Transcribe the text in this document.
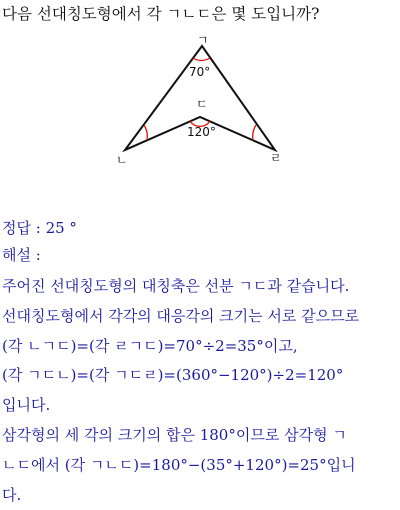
다음 선대칭도형에서 각 ㄱㄴㄷ은 몇 도입니까?
ㄱ
ㄷ
ㄴ	ㄹ
70°
120°
정답 : 25 °
해설 :
주어진 선대칭도형의 대칭축은 선분 ㄱㄷ과 같습니다.
선대칭도형에서 각각의 대응각의 크기는 서로 같으므로
(각 ㄴㄱㄷ)=(각 ㄹㄱㄷ)=70°÷2=35°이고,
(각 ㄱㄷㄴ)=(각 ㄱㄷㄹ)=(360°−120°)÷2=120°
입니다.
삼각형의 세 각의 크기의 합은 180°이므로 삼각형 ㄱ
ㄴㄷ에서 (각 ㄱㄴㄷ)=180°−(35°+120°)=25°입니
다.
